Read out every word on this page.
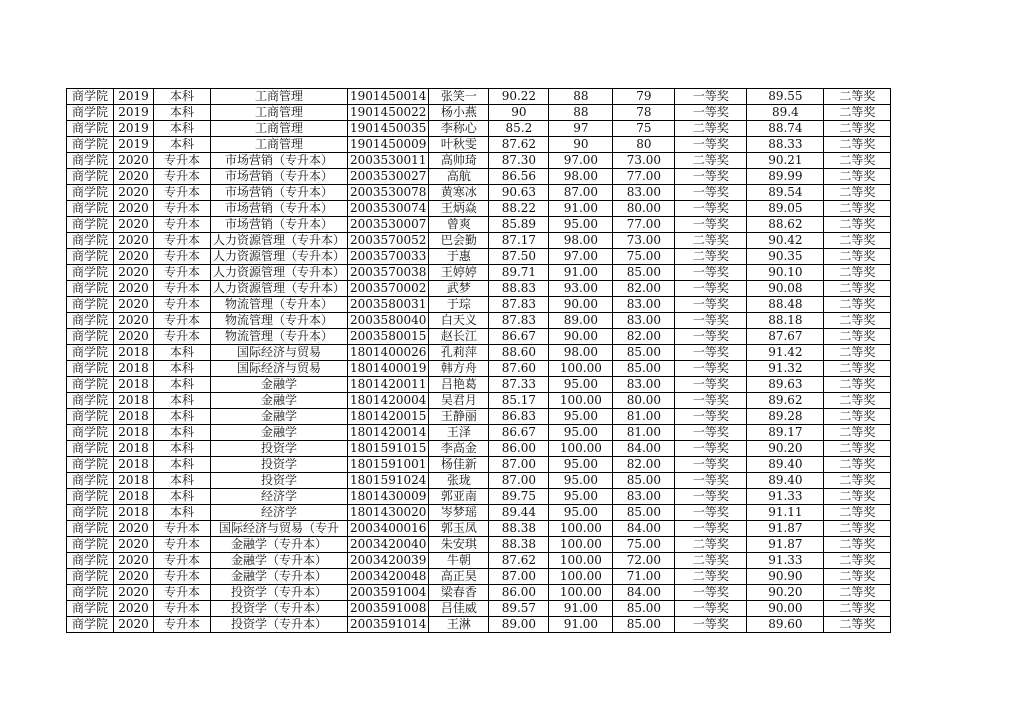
商学院	2019	本科	工商管理	1901450014	张笑一	90.22	88	79	一等奖	89.55	二等奖
商学院	2019	本科	工商管理	1901450022	杨小燕	90	88	78	一等奖	89.4	二等奖
商学院	2019	本科	工商管理	1901450035	李称心	85.2	97	75	二等奖	88.74	二等奖
商学院	2019	本科	工商管理	1901450009	叶秋雯	87.62	90	80	一等奖	88.33	二等奖
商学院	2020	专升本	市场营销（专升本）	2003530011	高帅琦	87.30	97.00	73.00	二等奖	90.21	二等奖
商学院	2020	专升本	市场营销（专升本）	2003530027	高航	86.56	98.00	77.00	一等奖	89.99	二等奖
商学院	2020	专升本	市场营销（专升本）	2003530078	黄寒冰	90.63	87.00	83.00	一等奖	89.54	二等奖
商学院	2020	专升本	市场营销（专升本）	2003530074	王炳焱	88.22	91.00	80.00	一等奖	89.05	二等奖
商学院	2020	专升本	市场营销（专升本）	2003530007	曾爽	85.89	95.00	77.00	一等奖	88.62	二等奖
商学院	2020	专升本	人力资源管理（专升本）	2003570052	巴会勤	87.17	98.00	73.00	二等奖	90.42	二等奖
商学院	2020	专升本	人力资源管理（专升本）	2003570033	于惠	87.50	97.00	75.00	二等奖	90.35	二等奖
商学院	2020	专升本	人力资源管理（专升本）	2003570038	王婷婷	89.71	91.00	85.00	一等奖	90.10	二等奖
商学院	2020	专升本	人力资源管理（专升本）	2003570002	武梦	88.83	93.00	82.00	一等奖	90.08	二等奖
商学院	2020	专升本	物流管理（专升本）	2003580031	于琮	87.83	90.00	83.00	一等奖	88.48	二等奖
商学院	2020	专升本	物流管理（专升本）	2003580040	白天义	87.83	89.00	83.00	一等奖	88.18	二等奖
商学院	2020	专升本	物流管理（专升本）	2003580015	赵长江	86.67	90.00	82.00	一等奖	87.67	二等奖
商学院	2018	本科	国际经济与贸易	1801400026	孔莉萍	88.60	98.00	85.00	一等奖	91.42	二等奖
商学院	2018	本科	国际经济与贸易	1801400019	韩方舟	87.60	100.00	85.00	一等奖	91.32	二等奖
商学院	2018	本科	金融学	1801420011	吕艳葛	87.33	95.00	83.00	一等奖	89.63	二等奖
商学院	2018	本科	金融学	1801420004	吴君月	85.17	100.00	80.00	一等奖	89.62	二等奖
商学院	2018	本科	金融学	1801420015	王静丽	86.83	95.00	81.00	一等奖	89.28	二等奖
商学院	2018	本科	金融学	1801420014	王泽	86.67	95.00	81.00	一等奖	89.17	二等奖
商学院	2018	本科	投资学	1801591015	李高金	86.00	100.00	84.00	一等奖	90.20	二等奖
商学院	2018	本科	投资学	1801591001	杨佳新	87.00	95.00	82.00	一等奖	89.40	二等奖
商学院	2018	本科	投资学	1801591024	张珑	87.00	95.00	85.00	一等奖	89.40	二等奖
商学院	2018	本科	经济学	1801430009	郭亚南	89.75	95.00	83.00	一等奖	91.33	二等奖
商学院	2018	本科	经济学	1801430020	岑梦瑶	89.44	95.00	85.00	一等奖	91.11	二等奖
商学院	2020	专升本	国际经济与贸易（专升	2003400016	郭玉凤	88.38	100.00	84.00	一等奖	91.87	二等奖
商学院	2020	专升本	金融学（专升本）	2003420040	朱安琪	88.38	100.00	75.00	二等奖	91.87	二等奖
商学院	2020	专升本	金融学（专升本）	2003420039	牛朝	87.62	100.00	72.00	二等奖	91.33	二等奖
商学院	2020	专升本	金融学（专升本）	2003420048	高正昊	87.00	100.00	71.00	二等奖	90.90	二等奖
商学院	2020	专升本	投资学（专升本）	2003591004	梁春香	86.00	100.00	84.00	一等奖	90.20	二等奖
商学院	2020	专升本	投资学（专升本）	2003591008	吕佳威	89.57	91.00	85.00	一等奖	90.00	二等奖
商学院	2020	专升本	投资学（专升本）	2003591014	王淋	89.00	91.00	85.00	一等奖	89.60	二等奖
